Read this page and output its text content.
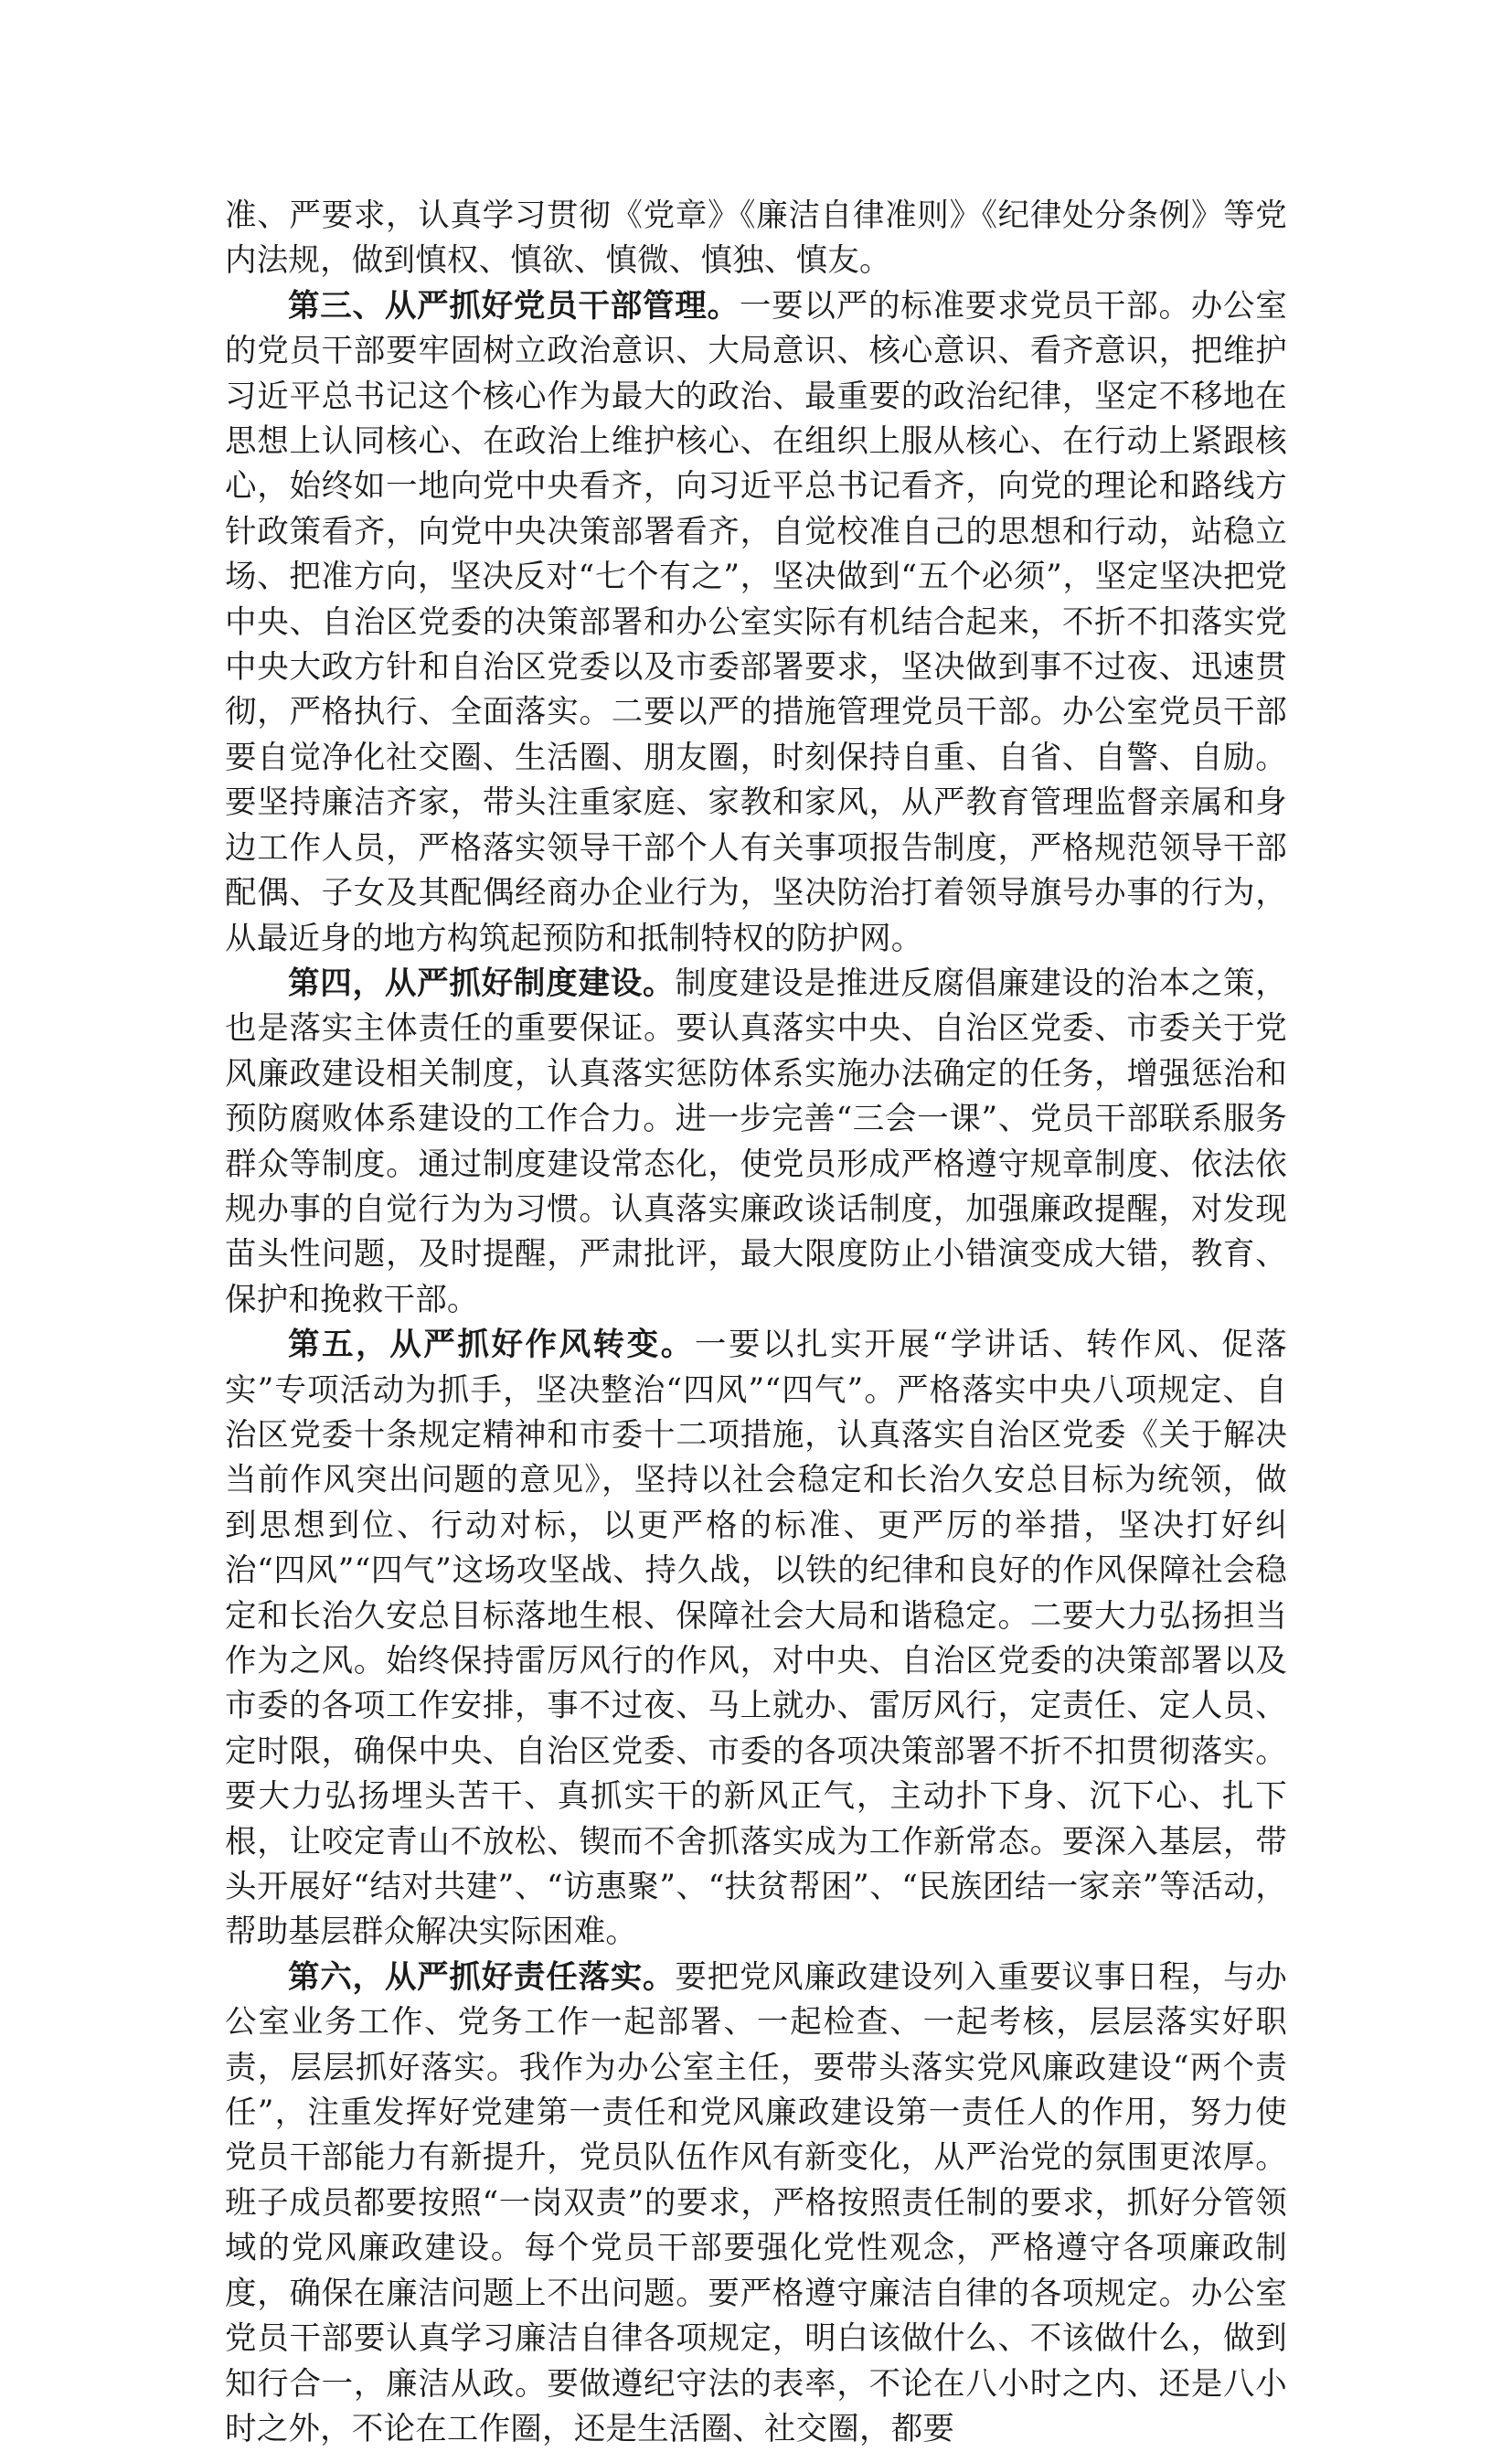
准、严要求，认真学习贯彻《党章》《廉洁自律准则》《纪律处分条例》等党内法规，做到慎权、慎欲、慎微、慎独、慎友。

第三、从严抓好党员干部管理。一要以严的标准要求党员干部。办公室的党员干部要牢固树立政治意识、大局意识、核心意识、看齐意识，把维护习近平总书记这个核心作为最大的政治、最重要的政治纪律，坚定不移地在思想上认同核心、在政治上维护核心、在组织上服从核心、在行动上紧跟核心，始终如一地向党中央看齐，向习近平总书记看齐，向党的理论和路线方针政策看齐，向党中央决策部署看齐，自觉校准自己的思想和行动，站稳立场、把准方向，坚决反对“七个有之”，坚决做到“五个必须”，坚定坚决把党中央、自治区党委的决策部署和办公室实际有机结合起来，不折不扣落实党中央大政方针和自治区党委以及市委部署要求，坚决做到事不过夜、迅速贯彻，严格执行、全面落实。二要以严的措施管理党员干部。办公室党员干部要自觉净化社交圈、生活圈、朋友圈，时刻保持自重、自省、自警、自励。要坚持廉洁齐家，带头注重家庭、家教和家风，从严教育管理监督亲属和身边工作人员，严格落实领导干部个人有关事项报告制度，严格规范领导干部配偶、子女及其配偶经商办企业行为，坚决防治打着领导旗号办事的行为，从最近身的地方构筑起预防和抵制特权的防护网。

第四，从严抓好制度建设。制度建设是推进反腐倡廉建设的治本之策，也是落实主体责任的重要保证。要认真落实中央、自治区党委、市委关于党风廉政建设相关制度，认真落实惩防体系实施办法确定的任务，增强惩治和预防腐败体系建设的工作合力。进一步完善“三会一课”、党员干部联系服务群众等制度。通过制度建设常态化，使党员形成严格遵守规章制度、依法依规办事的自觉行为为习惯。认真落实廉政谈话制度，加强廉政提醒，对发现苗头性问题，及时提醒，严肃批评，最大限度防止小错演变成大错，教育、保护和挽救干部。

第五，从严抓好作风转变。一要以扎实开展“学讲话、转作风、促落实”专项活动为抓手，坚决整治“四风”“四气”。严格落实中央八项规定、自治区党委十条规定精神和市委十二项措施，认真落实自治区党委《关于解决当前作风突出问题的意见》，坚持以社会稳定和长治久安总目标为统领，做到思想到位、行动对标，以更严格的标准、更严厉的举措，坚决打好纠治“四风”“四气”这场攻坚战、持久战，以铁的纪律和良好的作风保障社会稳定和长治久安总目标落地生根、保障社会大局和谐稳定。二要大力弘扬担当作为之风。始终保持雷厉风行的作风，对中央、自治区党委的决策部署以及市委的各项工作安排，事不过夜、马上就办、雷厉风行，定责任、定人员、定时限，确保中央、自治区党委、市委的各项决策部署不折不扣贯彻落实。要大力弘扬埋头苦干、真抓实干的新风正气，主动扑下身、沉下心、扎下根，让咬定青山不放松、锲而不舍抓落实成为工作新常态。要深入基层，带头开展好“结对共建”、“访惠聚”、“扶贫帮困”、“民族团结一家亲”等活动，帮助基层群众解决实际困难。

第六，从严抓好责任落实。要把党风廉政建设列入重要议事日程，与办公室业务工作、党务工作一起部署、一起检查、一起考核，层层落实好职责，层层抓好落实。我作为办公室主任，要带头落实党风廉政建设“两个责任”，注重发挥好党建第一责任和党风廉政建设第一责任人的作用，努力使党员干部能力有新提升，党员队伍作风有新变化，从严治党的氛围更浓厚。班子成员都要按照“一岗双责”的要求，严格按照责任制的要求，抓好分管领域的党风廉政建设。每个党员干部要强化党性观念，严格遵守各项廉政制度，确保在廉洁问题上不出问题。要严格遵守廉洁自律的各项规定。办公室党员干部要认真学习廉洁自律各项规定，明白该做什么、不该做什么，做到知行合一，廉洁从政。要做遵纪守法的表率，不论在八小时之内、还是八小时之外，不论在工作圈，还是生活圈、社交圈，都要
